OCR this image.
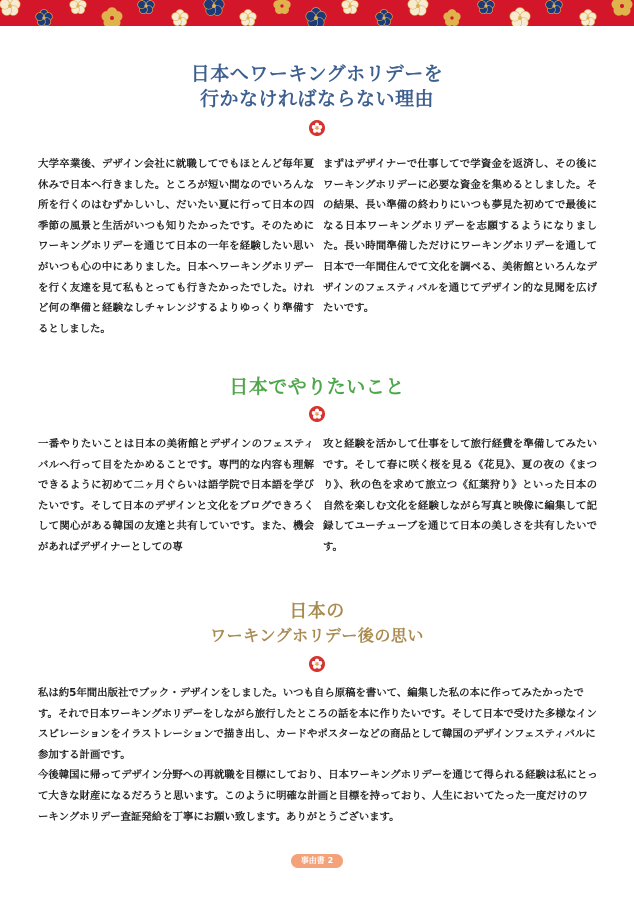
日本へワーキングホリデーを
行かなければならない理由
大学卒業後、デザイン会社に就職してでもほとんど毎年夏休みで日本へ行きました。ところが短い間なのでいろんな所を行くのはむずかしいし、だいたい夏に行って日本の四季節の風景と生活がいつも知りたかったです。そのためにワーキングホリデーを通じて日本の一年を経験したい思いがいつも心の中にありました。日本へワーキングホリデーを行く友達を見て私もとっても行きたかったでした。けれど何の準備と経験なしチャレンジするよりゆっくり準備するとしました。
まずはデザイナーで仕事してで学資金を返済し、その後にワーキングホリデーに必要な資金を集めるとしました。その結果、長い準備の終わりにいつも夢見た初めてで最後になる日本ワーキングホリデーを志願するようになりました。長い時間準備しただけにワーキングホリデーを通して日本で一年間住んでて文化を調べる、美術館といろんなデザインのフェスティバルを通じてデザイン的な見聞を広げたいです。
日本でやりたいこと
一番やりたいことは日本の美術館とデザインのフェスティバルへ行って目をたかめることです。専門的な内容も理解できるように初めて二ヶ月ぐらいは語学院で日本語を学びたいです。そして日本のデザインと文化をブログできろくして関心がある韓国の友達と共有していです。また、機会があればデザイナーとしての専
攻と経験を活かして仕事をして旅行経費を準備してみたいです。そして春に咲く桜を見る《花見》、夏の夜の《まつり》、秋の色を求めて旅立つ《紅葉狩り》といった日本の自然を楽しむ文化を経験しながら写真と映像に編集して記録してユーチューブを通じて日本の美しさを共有したいです。
日本の
ワーキングホリデー後の思い

私は約5年間出版社でブック・デザインをしました。いつも自ら原稿を書いて、編集した私の本に作ってみたかったです。それで日本ワーキングホリデーをしながら旅行したところの話を本に作りたいです。そして日本で受けた多様なインスピレーションをイラストレーションで描き出し、カードやポスターなどの商品として韓国のデザインフェスティバルに参加する計画です。

今後韓国に帰ってデザイン分野への再就職を目標にしており、日本ワーキングホリデーを通じて得られる経験は私にとって大きな財産になるだろうと思います。このように明確な計画と目標を持っており、人生においてたった一度だけのワーキングホリデー査証発給を丁寧にお願い致します。ありがとうございます。

事由書 2
